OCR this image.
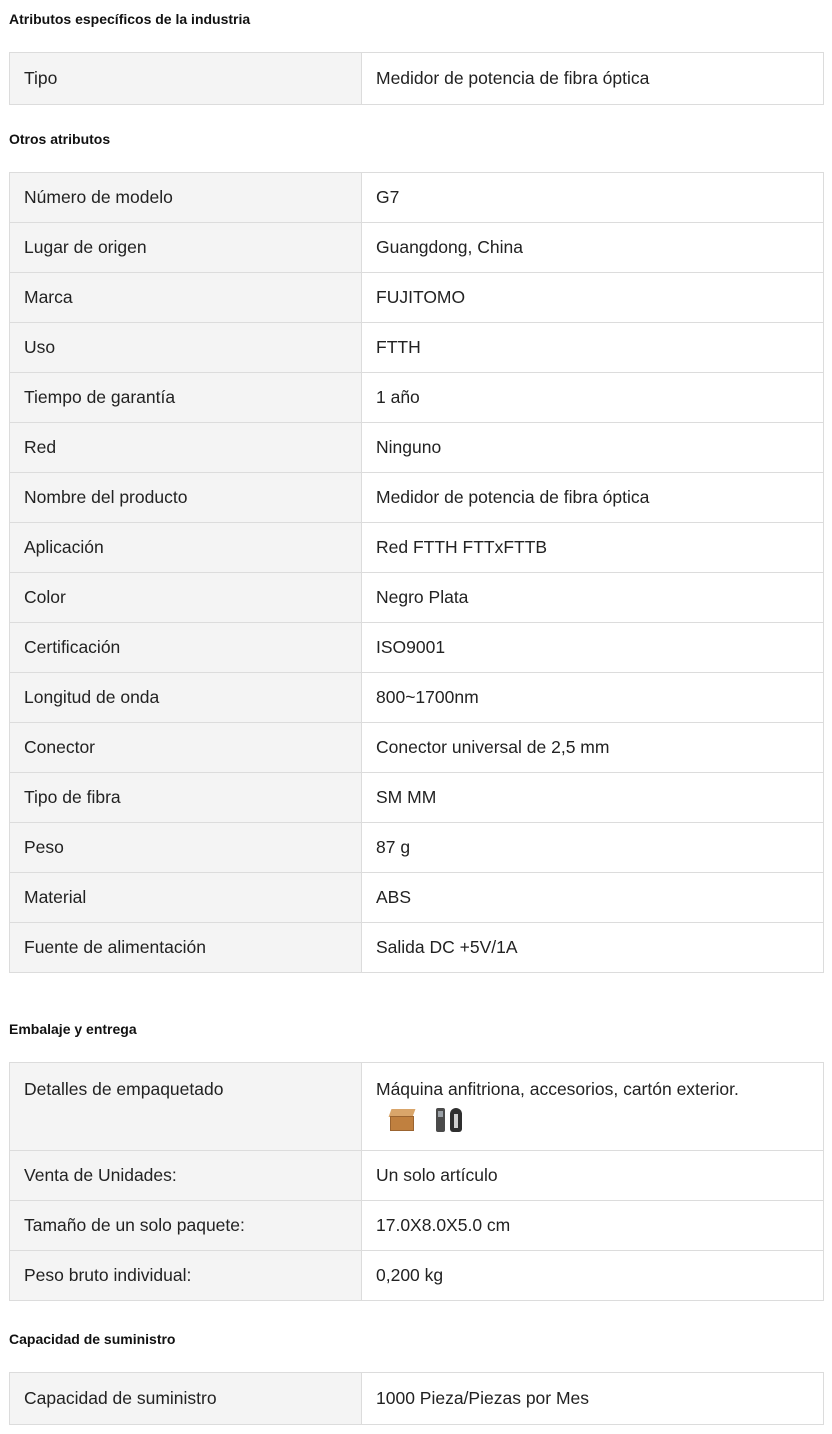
Atributos específicos de la industria
Tipo	Medidor de potencia de fibra óptica
Otros atributos
Número de modelo	G7
Lugar de origen	Guangdong, China
Marca	FUJITOMO
Uso	FTTH
Tiempo de garantía	1 año
Red	Ninguno
Nombre del producto	Medidor de potencia de fibra óptica
Aplicación	Red FTTH FTTxFTTB
Color	Negro Plata
Certificación	ISO9001
Longitud de onda	800~1700nm
Conector	Conector universal de 2,5 mm
Tipo de fibra	SM MM
Peso	87 g
Material	ABS
Fuente de alimentación	Salida DC +5V/1A
Embalaje y entrega
Detalles de empaquetado	Máquina anfitriona, accesorios, cartón exterior.

Venta de Unidades:	Un solo artículo
Tamaño de un solo paquete:	17.0X8.0X5.0 cm
Peso bruto individual:	0,200 kg
Capacidad de suministro
Capacidad de suministro	1000 Pieza/Piezas por Mes
